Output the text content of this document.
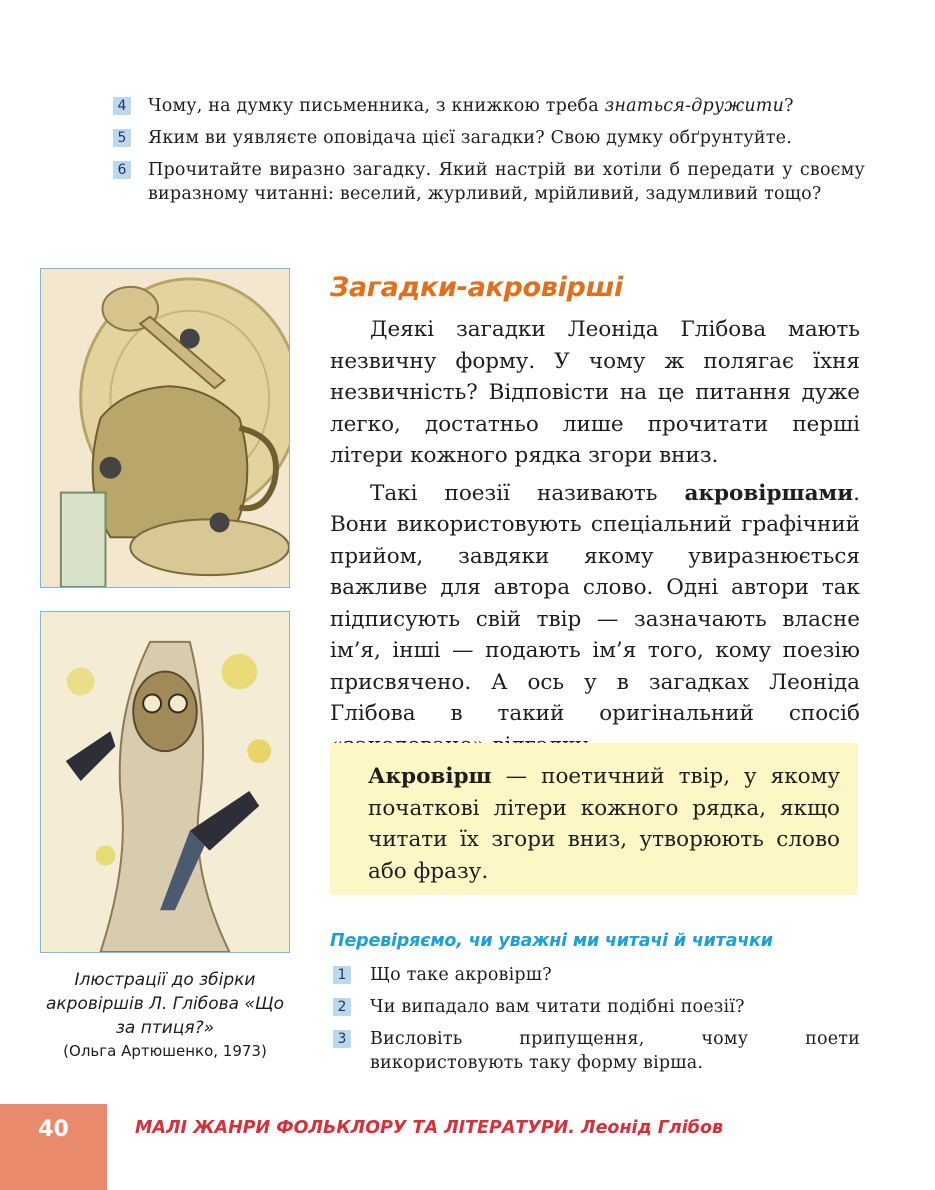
4 Чому, на думку письменника, з книжкою треба знаться-дружити?
5 Яким ви уявляєте оповідача цієї загадки? Свою думку обґрунтуйте.
6 Прочитайте виразно загадку. Який настрій ви хотіли б передати у своєму виразному читанні: веселий, журливий, мрійливий, задумливий тощо?
Ілюстрації до збірки акровіршів Л. Глібова «Що за птиця?»
(Ольга Артюшенко, 1973)
Загадки-акровірші

Деякі загадки Леоніда Глібова мають незвичну форму. У чому ж полягає їхня незвичність? Відповісти на це питання дуже легко, достатньо лише прочитати перші літери кожного рядка згори вниз.

Такі поезії називають акровіршами. Вони використовують спеціальний графічний прийом, завдяки якому увиразнюється важливе для автора слово. Одні автори так підписують свій твір — зазначають власне ім’я, інші — подають ім’я того, кому поезію присвячено. А ось у в загадках Леоніда Глібова в такий оригінальний спосіб

Акровірш — поетичний твір, у якому початкові літери кожного рядка, якщо читати їх згори вниз, утворюють слово або фразу.
Перевіряємо, чи уважні ми читачі й читачки
1 Що таке акровірш?
2 Чи випадало вам читати подібні поезії?
3 Висловіть припущення, чому поети використовують таку форму вірша.
40	МАЛІ ЖАНРИ ФОЛЬКЛОРУ ТА ЛІТЕРАТУРИ. Леонід Глібов
